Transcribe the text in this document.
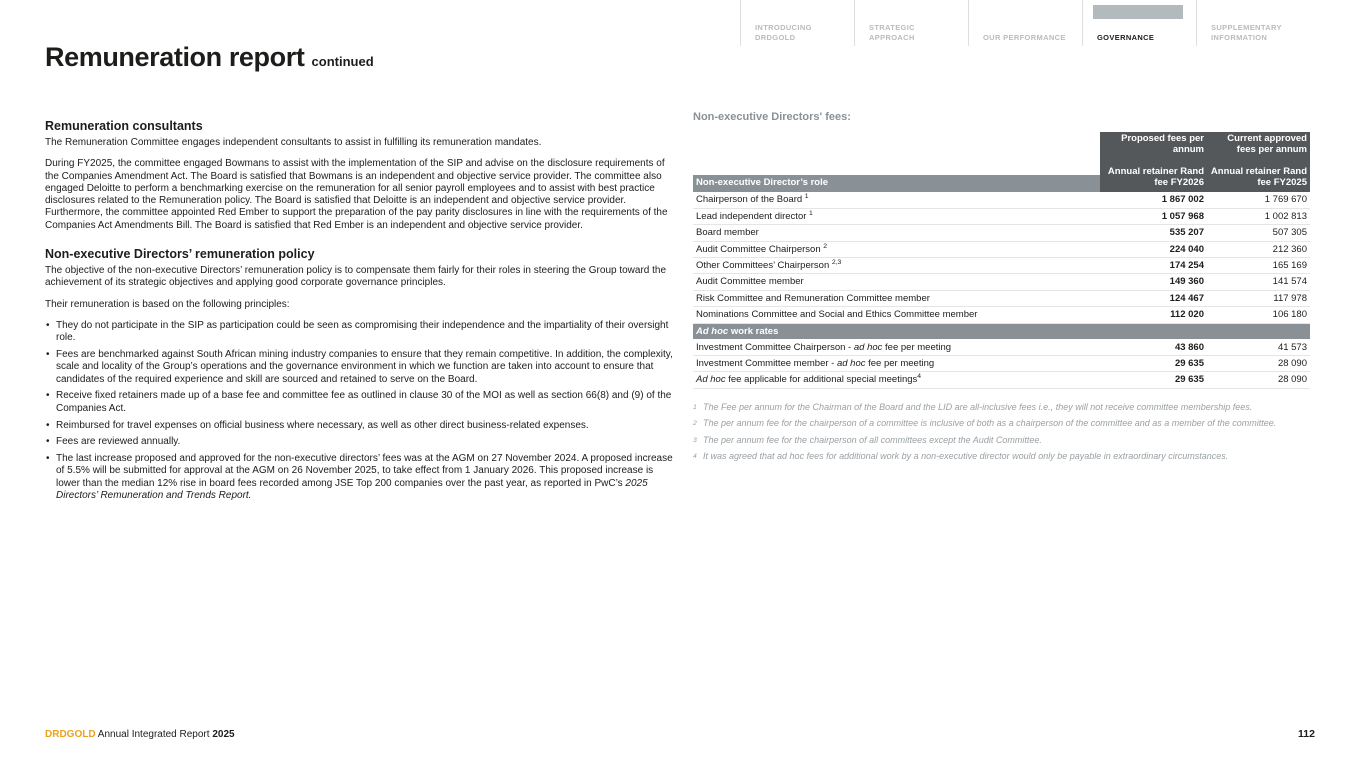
INTRODUCING DRDGOLD
STRATEGIC APPROACH	OUR PERFORMANCE	GOVERNANCE
SUPPLEMENTARY INFORMATION
Remuneration report continued
Remuneration consultants

The Remuneration Committee engages independent consultants to assist in fulfilling its remuneration mandates.

During FY2025, the committee engaged Bowmans to assist with the implementation of the SIP and advise on the disclosure requirements of the Companies Amendment Act. The Board is satisfied that Bowmans is an independent and objective service provider. The committee also engaged Deloitte to perform a benchmarking exercise on the remuneration for all senior payroll employees and to assist with best practice disclosures related to the Remuneration policy. The Board is satisfied that Deloitte is an independent and objective service provider. Furthermore, the committee appointed Red Ember to support the preparation of the pay parity disclosures in line with the requirements of the Companies Act Amendments Bill. The Board is satisfied that Red Ember is an independent and objective service provider.

Non-executive Directors’ remuneration policy

The objective of the non-executive Directors’ remuneration policy is to compensate them fairly for their roles in steering the Group toward the achievement of its strategic objectives and applying good corporate governance principles.

Their remuneration is based on the following principles:

• They do not participate in the SIP as participation could be seen as compromising their independence and the impartiality of their oversight role.
• Fees are benchmarked against South African mining industry companies to ensure that they remain competitive. In addition, the complexity, scale and locality of the Group’s operations and the governance environment in which we function are taken into account to ensure that candidates of the required experience and skill are sourced and retained to serve on the Board.
• Receive fixed retainers made up of a base fee and committee fee as outlined in clause 30 of the MOI as well as section 66(8) and (9) of the Companies Act.
• Reimbursed for travel expenses on official business where necessary, as well as other direct business-related expenses.
• Fees are reviewed annually.
• The last increase proposed and approved for the non-executive directors’ fees was at the AGM on 27 November 2024. A proposed increase of 5.5% will be submitted for approval at the AGM on 26 November 2025, to take effect from 1 January 2026. This proposed increase is lower than the median 12% rise in board fees recorded among JSE Top 200 companies over the past year, as reported in PwC’s 2025 Directors’ Remuneration and Trends Report.
Non-executive Directors' fees:
	Proposed fees per annum	Current approved fees per annum
Non-executive Director’s role	Annual retainer Rand fee FY2026	Annual retainer Rand fee FY2025
Chairperson of the Board $^1$	1 867 002	1 769 670
Lead independent director $^1$	1 057 968	1 002 813
Board member	535 207	507 305
Audit Committee Chairperson $^2$	224 040	212 360
Other Committees’ Chairperson $^{2,3}$	174 254	165 169
Audit Committee member	149 360	141 574
Risk Committee and Remuneration Committee member	124 467	117 978
Nominations Committee and Social and Ethics Committee member	112 020	106 180
Ad hoc work rates		
Investment Committee Chairperson - ad hoc fee per meeting	43 860	41 573
Investment Committee member - ad hoc fee per meeting	29 635	28 090
Ad hoc fee applicable for additional special meetings$^4$	29 635	28 090
1 The Fee per annum for the Chairman of the Board and the LID are all-inclusive fees i.e., they will not receive committee membership fees.
2 The per annum fee for the chairperson of a committee is inclusive of both as a chairperson of the committee and as a member of the committee.
3 The per annum fee for the chairperson of all committees except the Audit Committee.
4 It was agreed that ad hoc fees for additional work by a non-executive director would only be payable in extraordinary circumstances.
DRDGOLD Annual Integrated Report 2025	112
